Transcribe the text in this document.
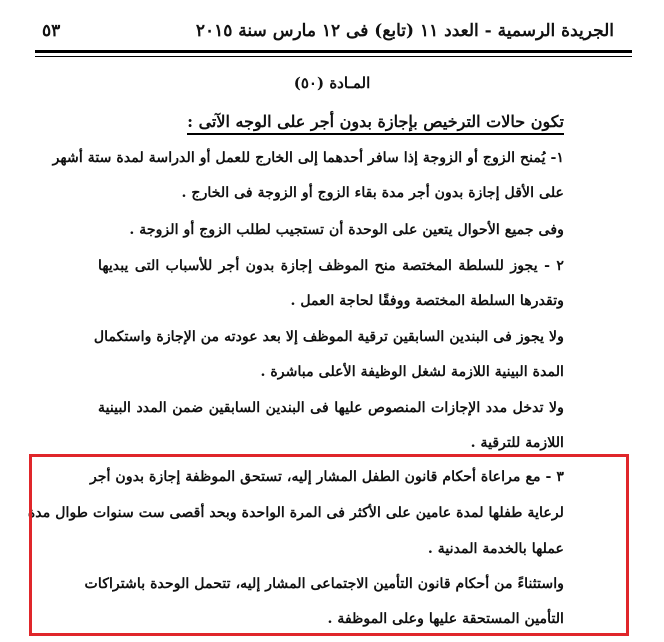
الجريدة الرسمية - العدد ١١ (تابع) فى ١٢ مارس سنة ٢٠١٥
٥٣
المـادة (٥٠)
تكون حالات الترخيص بإجازة بدون أجر على الوجه الآتى :
١- يُمنح الزوج أو الزوجة إذا سافر أحدهما إلى الخارج للعمل أو الدراسة لمدة ستة أشهر
على الأقل إجازة بدون أجر مدة بقاء الزوج أو الزوجة فى الخارج .
وفى جميع الأحوال يتعين على الوحدة أن تستجيب لطلب الزوج أو الزوجة .
٢ - يجوز للسلطة المختصة منح الموظف إجازة بدون أجر للأسباب التى يبديها
وتقدرها السلطة المختصة ووفقًا لحاجة العمل .
ولا يجوز فى البندين السابقين ترقية الموظف إلا بعد عودته من الإجازة واستكمال
المدة البينية اللازمة لشغل الوظيفة الأعلى مباشرة .
ولا تدخل مدد الإجازات المنصوص عليها فى البندين السابقين ضمن المدد البينية
اللازمة للترقية .
٣ - مع مراعاة أحكام قانون الطفل المشار إليه، تستحق الموظفة إجازة بدون أجر
لرعاية طفلها لمدة عامين على الأكثر فى المرة الواحدة وبحد أقصى ست سنوات طوال مدة
عملها بالخدمة المدنية .
واستثناءً من أحكام قانون التأمين الاجتماعى المشار إليه، تتحمل الوحدة باشتراكات
التأمين المستحقة عليها وعلى الموظفة .
